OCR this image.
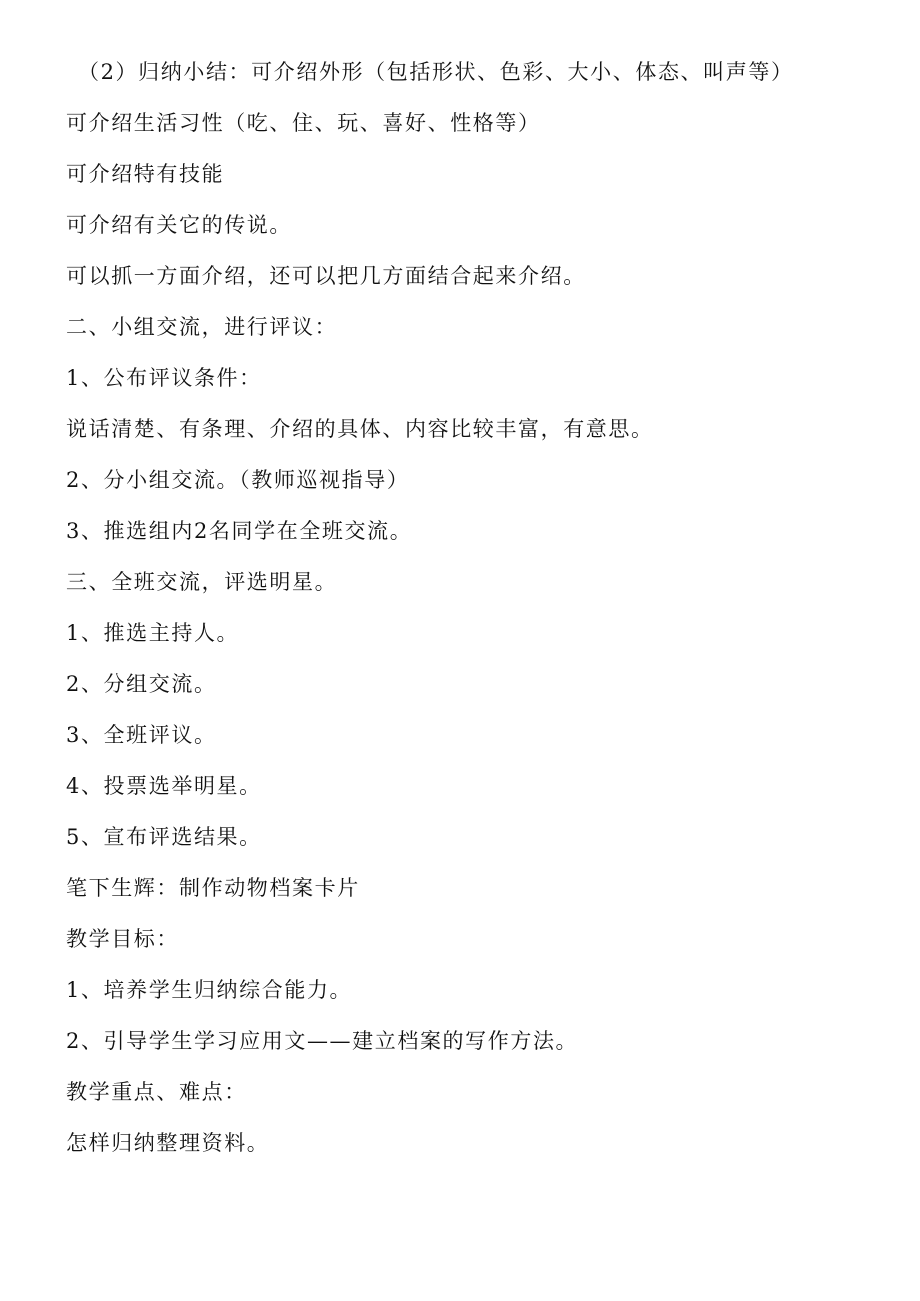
（2）归纳小结：可介绍外形（包括形状、色彩、大小、体态、叫声等）
可介绍生活习性（吃、住、玩、喜好、性格等）
可介绍特有技能
可介绍有关它的传说。
可以抓一方面介绍，还可以把几方面结合起来介绍。
二、小组交流，进行评议：
1、公布评议条件：
说话清楚、有条理、介绍的具体、内容比较丰富，有意思。
2、分小组交流。（教师巡视指导）
3、推选组内2名同学在全班交流。
三、全班交流，评选明星。
1、推选主持人。
2、分组交流。
3、全班评议。
4、投票选举明星。
5、宣布评选结果。
笔下生辉：制作动物档案卡片
教学目标：
1、培养学生归纳综合能力。
2、引导学生学习应用文——建立档案的写作方法。
教学重点、难点：
怎样归纳整理资料。
